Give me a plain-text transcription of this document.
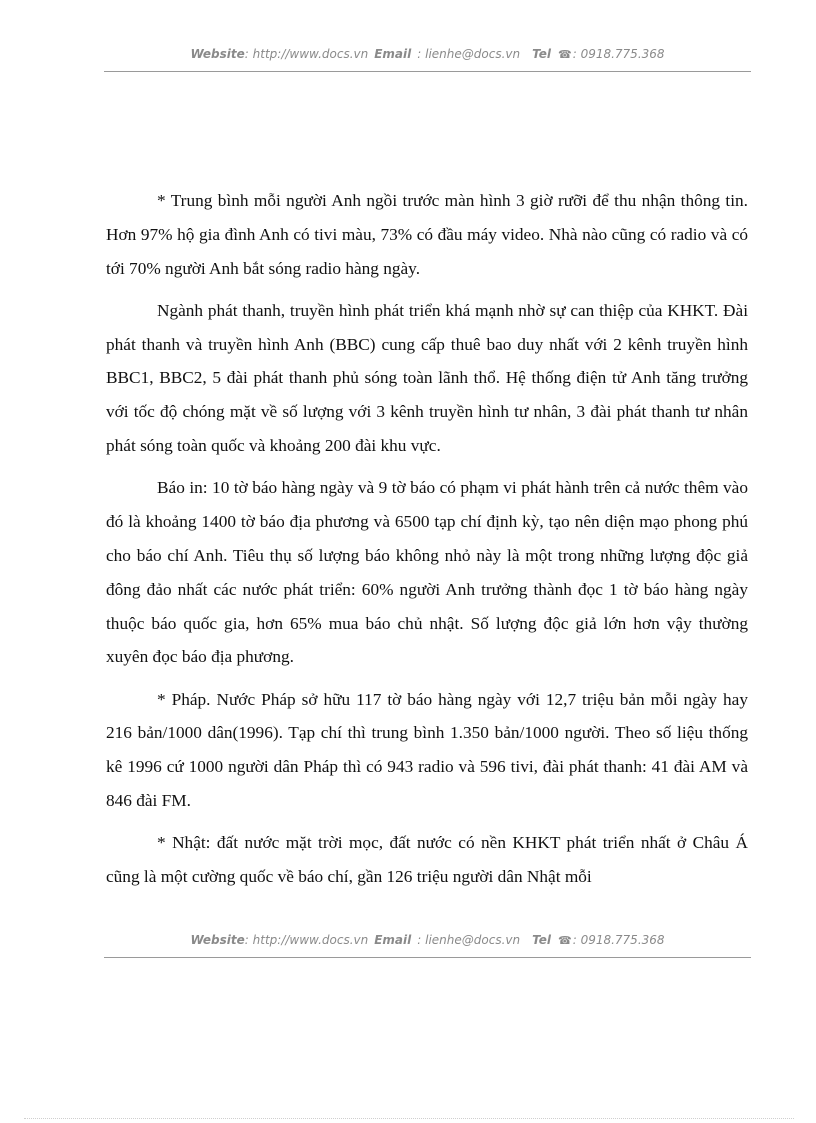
Website: http://www.docs.vn Email : lienhe@docs.vn Tel ☎: 0918.775.368

* Trung bình mỗi người Anh ngồi trước màn hình 3 giờ rưỡi để thu nhận thông tin. Hơn 97% hộ gia đình Anh có tivi màu, 73% có đầu máy video. Nhà nào cũng có radio và có tới 70% người Anh bắt sóng radio hàng ngày.

Ngành phát thanh, truyền hình phát triển khá mạnh nhờ sự can thiệp của KHKT. Đài phát thanh và truyền hình Anh (BBC) cung cấp thuê bao duy nhất với 2 kênh truyền hình BBC1, BBC2, 5 đài phát thanh phủ sóng toàn lãnh thổ. Hệ thống điện tử Anh tăng trưởng với tốc độ chóng mặt về số lượng với 3 kênh truyền hình tư nhân, 3 đài phát thanh tư nhân phát sóng toàn quốc và khoảng 200 đài khu vực.

Báo in: 10 tờ báo hàng ngày và 9 tờ báo có phạm vi phát hành trên cả nước thêm vào đó là khoảng 1400 tờ báo địa phương và 6500 tạp chí định kỳ, tạo nên diện mạo phong phú cho báo chí Anh. Tiêu thụ số lượng báo không nhỏ này là một trong những lượng độc giả đông đảo nhất các nước phát triển: 60% người Anh trưởng thành đọc 1 tờ báo hàng ngày thuộc báo quốc gia, hơn 65% mua báo chủ nhật. Số lượng độc giả lớn hơn vậy thường xuyên đọc báo địa phương.

* Pháp. Nước Pháp sở hữu 117 tờ báo hàng ngày với 12,7 triệu bản mỗi ngày hay 216 bản/1000 dân(1996). Tạp chí thì trung bình 1.350 bản/1000 người. Theo số liệu thống kê 1996 cứ 1000 người dân Pháp thì có 943 radio và 596 tivi, đài phát thanh: 41 đài AM và 846 đài FM.

* Nhật: đất nước mặt trời mọc, đất nước có nền KHKT phát triển nhất ở Châu Á cũng là một cường quốc về báo chí, gần 126 triệu người dân Nhật mỗi

Website: http://www.docs.vn Email : lienhe@docs.vn Tel ☎: 0918.775.368
